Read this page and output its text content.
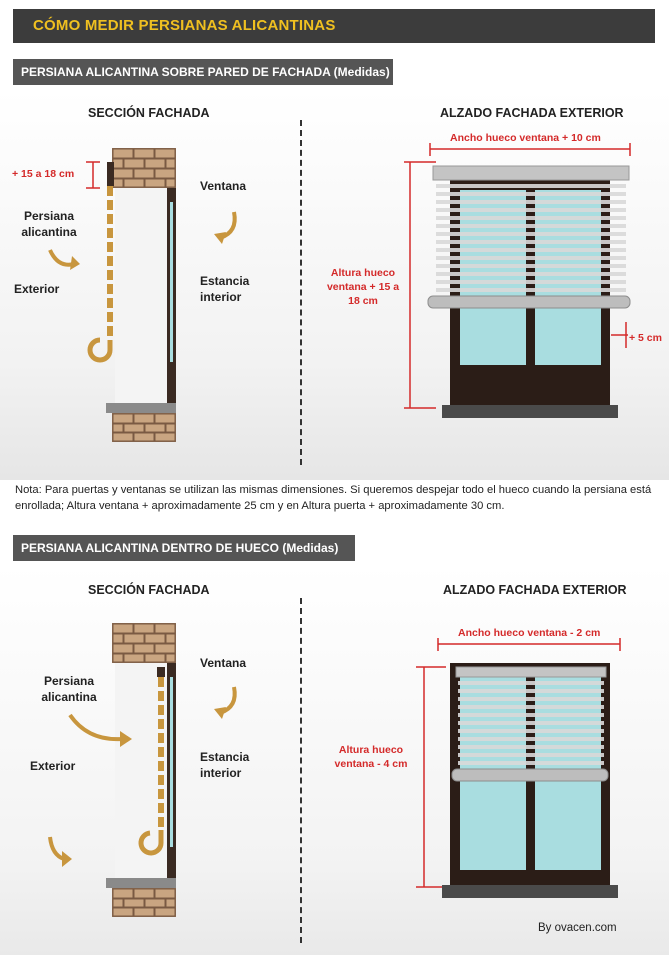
CÓMO MEDIR PERSIANAS ALICANTINAS
PERSIANA ALICANTINA SOBRE PARED DE FACHADA (Medidas)
SECCIÓN FACHADA	ALZADO FACHADA EXTERIOR
+ 15 a 18 cm
Persiana alicantina
Exterior
Ventana
Estancia interior
Ancho hueco ventana + 10 cm
Altura hueco ventana + 15 a 18 cm
+ 5 cm
Nota: Para puertas y ventanas se utilizan las mismas dimensiones. Si queremos despejar todo el hueco cuando la persiana está enrollada; Altura ventana + aproximadamente 25 cm y en Altura puerta + aproximadamente 30 cm.
PERSIANA ALICANTINA DENTRO DE HUECO (Medidas)
SECCIÓN FACHADA	ALZADO FACHADA EXTERIOR
Persiana alicantina
Exterior
Ventana
Estancia interior
Ancho hueco ventana - 2 cm
Altura hueco ventana - 4 cm
By ovacen.com
